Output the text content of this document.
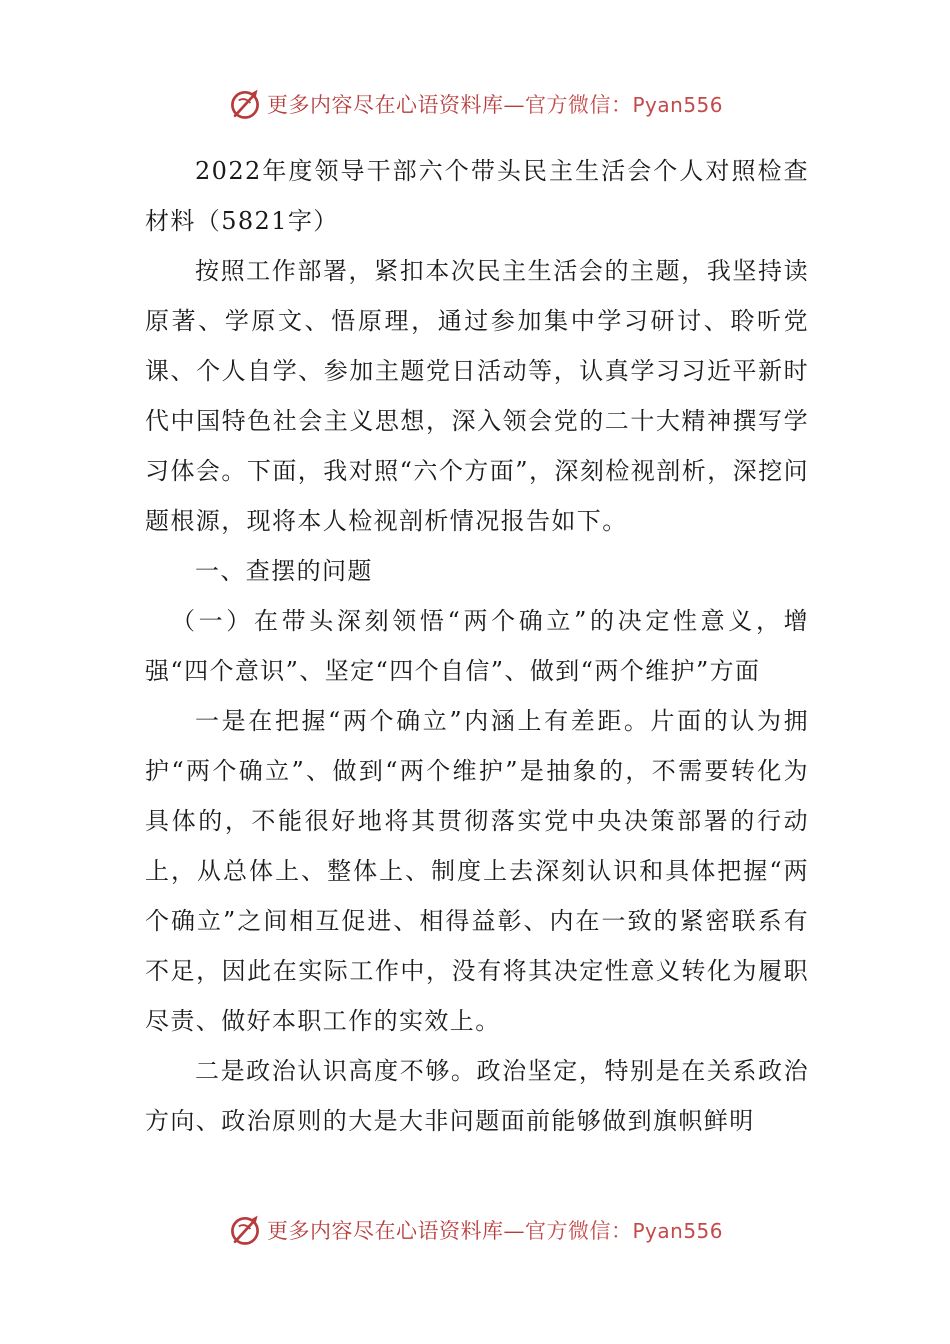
更多内容尽在心语资料库—官方微信：Pyan556

2022年度领导干部六个带头民主生活会个人对照检查材料（5821字）

按照工作部署，紧扣本次民主生活会的主题，我坚持读原著、学原文、悟原理，通过参加集中学习研讨、聆听党课、个人自学、参加主题党日活动等，认真学习习近平新时代中国特色社会主义思想，深入领会党的二十大精神撰写学习体会。下面，我对照“六个方面”，深刻检视剖析，深挖问题根源，现将本人检视剖析情况报告如下。

一、查摆的问题

（一）在带头深刻领悟“两个确立”的决定性意义，增强“四个意识”、坚定“四个自信”、做到“两个维护”方面

一是在把握“两个确立”内涵上有差距。片面的认为拥护“两个确立”、做到“两个维护”是抽象的，不需要转化为具体的，不能很好地将其贯彻落实党中央决策部署的行动上，从总体上、整体上、制度上去深刻认识和具体把握“两个确立”之间相互促进、相得益彰、内在一致的紧密联系有不足，因此在实际工作中，没有将其决定性意义转化为履职尽责、做好本职工作的实效上。

二是政治认识高度不够。政治坚定，特别是在关系政治方向、政治原则的大是大非问题面前能够做到旗帜鲜明

更多内容尽在心语资料库—官方微信：Pyan556
